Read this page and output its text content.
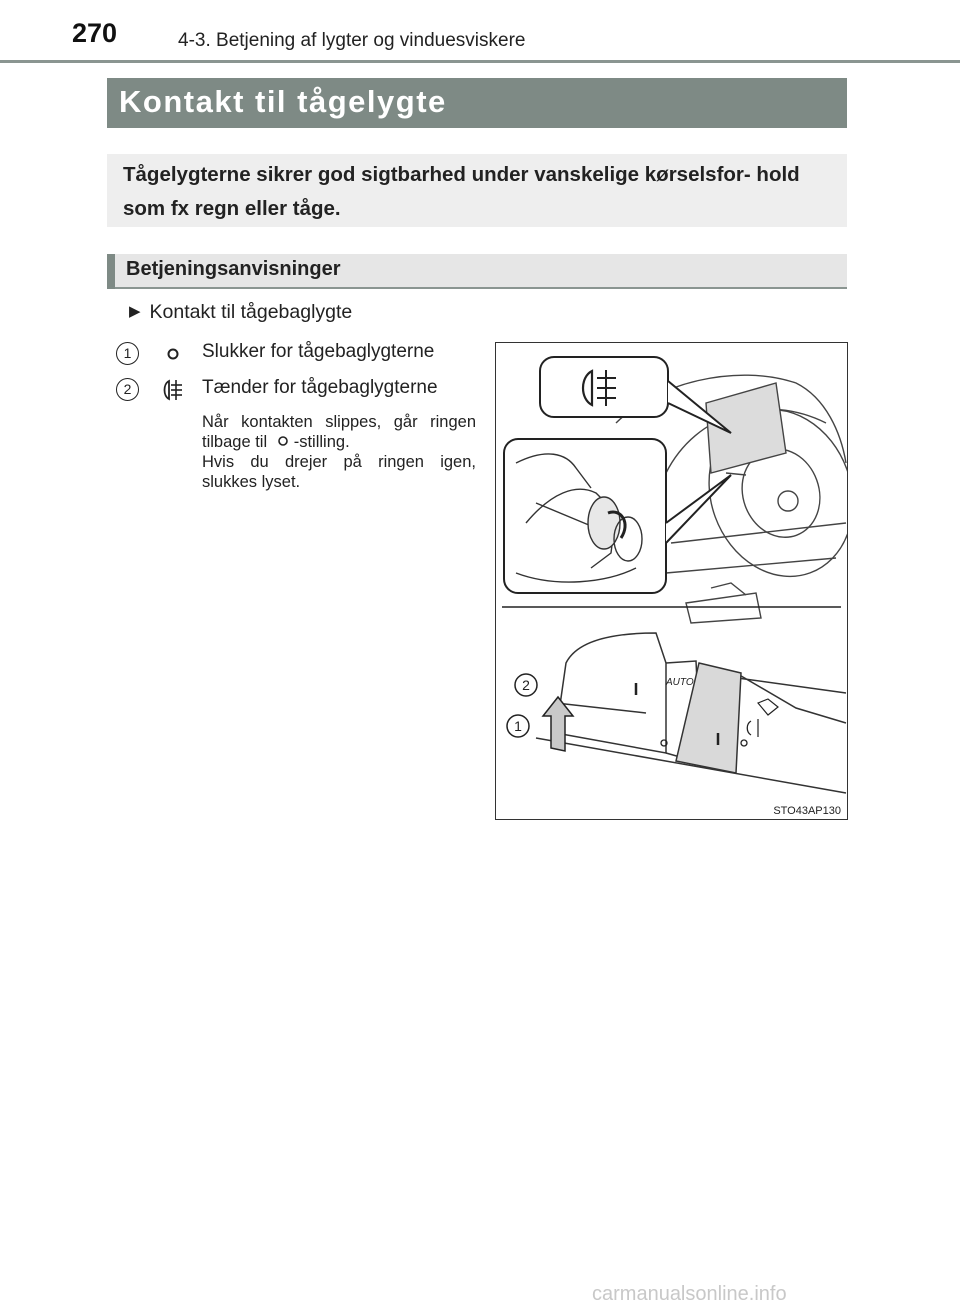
270	4-3. Betjening af lygter og vinduesviskere
Kontakt til tågelygte
Tågelygterne sikrer god sigtbarhed under vanskelige kørselsfor- hold som fx regn eller tåge.
Betjeningsanvisninger
▶ Kontakt til tågebaglygte
1	Slukker for tågebaglygterne
2	Tænder for tågebaglygterne

Når kontakten slippes, går ringen tilbage til -stilling.

Hvis du drejer på ringen igen, slukkes lyset.

AUTO
2
1
STO43AP130
carmanualsonline.info
